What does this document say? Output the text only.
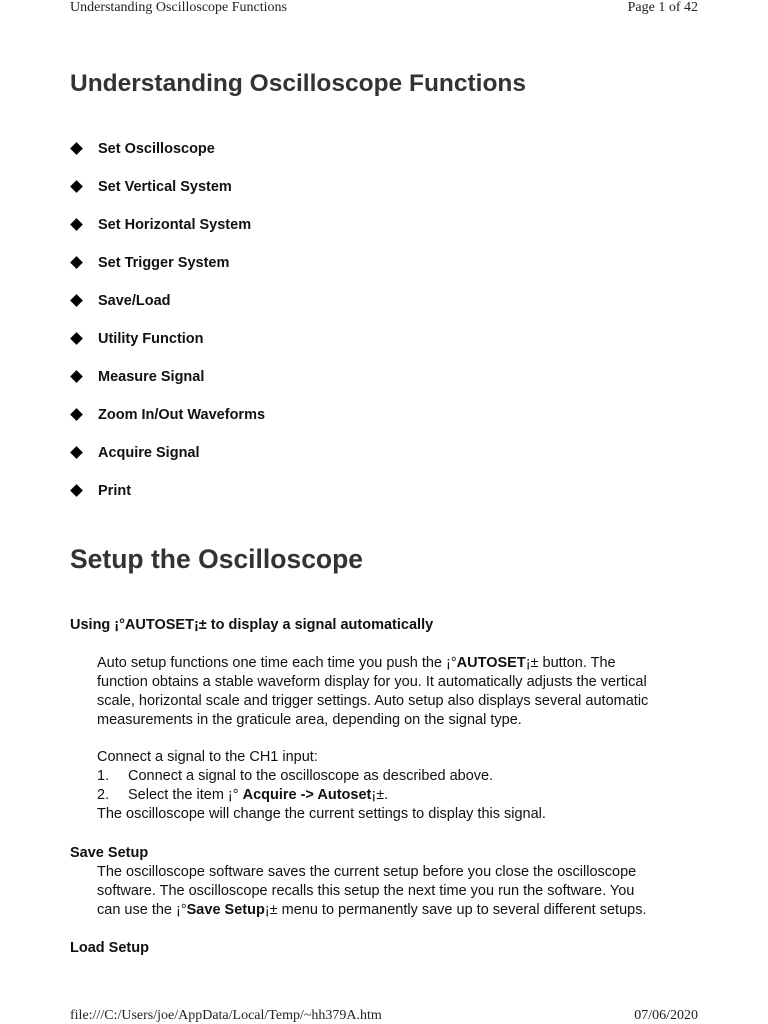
Understanding Oscilloscope Functions	Page 1 of 42
Understanding Oscilloscope Functions
Set Oscilloscope
Set Vertical System
Set Horizontal System
Set Trigger System
Save/Load
Utility Function
Measure Signal
Zoom In/Out Waveforms
Acquire Signal
Print
Setup the Oscilloscope
Using ¡°AUTOSET¡± to display a signal automatically
Auto setup functions one time each time you push the ¡°AUTOSET¡± button. The
function obtains a stable waveform display for you. It automatically adjusts the vertical
scale, horizontal scale and trigger settings. Auto setup also displays several automatic
measurements in the graticule area, depending on the signal type.
Connect a signal to the CH1 input:
1. Connect a signal to the oscilloscope as described above.
2. Select the item ¡° Acquire -> Autoset¡±.
The oscilloscope will change the current settings to display this signal.
Save Setup
The oscilloscope software saves the current setup before you close the oscilloscope
software. The oscilloscope recalls this setup the next time you run the software. You
can use the ¡°Save Setup¡± menu to permanently save up to several different setups.
Load Setup
file:///C:/Users/joe/AppData/Local/Temp/~hh379A.htm	07/06/2020
